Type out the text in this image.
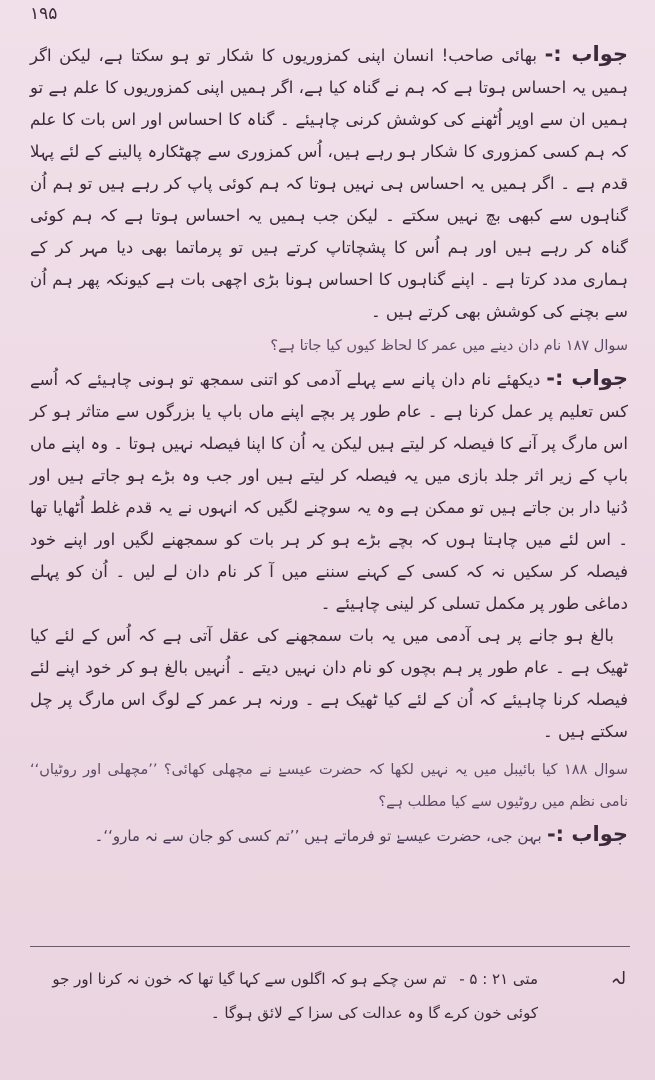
۱۹۵

جواب :- بھائی صاحب! انسان اپنی کمزوریوں کا شکار تو ہو سکتا ہے، لیکن اگر ہمیں یہ احساس ہوتا ہے کہ ہم نے گناہ کیا ہے، اگر ہمیں اپنی کمزوریوں کا علم ہے تو ہمیں ان سے اوپر اُٹھنے کی کوشش کرنی چاہیئے ۔ گناہ کا احساس اور اس بات کا علم کہ ہم کسی کمزوری کا شکار ہو رہے ہیں، اُس کمزوری سے چھٹکارہ پالینے کے لئے پہلا قدم ہے ۔ اگر ہمیں یہ احساس ہی نہیں ہوتا کہ ہم کوئی پاپ کر رہے ہیں تو ہم اُن گناہوں سے کبھی بچ نہیں سکتے ۔ لیکن جب ہمیں یہ احساس ہوتا ہے کہ ہم کوئی گناہ کر رہے ہیں اور ہم اُس کا پشچاتاپ کرتے ہیں تو پرماتما بھی دیا مہر کر کے ہماری مدد کرتا ہے ۔ اپنے گناہوں کا احساس ہونا بڑی اچھی بات ہے کیونکہ پھر ہم اُن سے بچنے کی کوشش بھی کرتے ہیں ۔

سوال ۱۸۷ نام دان دینے میں عمر کا لحاظ کیوں کیا جاتا ہے؟

جواب :- دیکھئے نام دان پانے سے پہلے آدمی کو اتنی سمجھ تو ہونی چاہیئے کہ اُسے کس تعلیم پر عمل کرنا ہے ۔ عام طور پر بچے اپنے ماں باپ یا بزرگوں سے متاثر ہو کر اس مارگ پر آنے کا فیصلہ کر لیتے ہیں لیکن یہ اُن کا اپنا فیصلہ نہیں ہوتا ۔ وہ اپنے ماں باپ کے زیر اثر جلد بازی میں یہ فیصلہ کر لیتے ہیں اور جب وہ بڑے ہو جاتے ہیں اور دُنیا دار بن جاتے ہیں تو ممکن ہے وہ یہ سوچنے لگیں کہ انہوں نے یہ قدم غلط اُٹھایا تھا ۔ اس لئے میں چاہتا ہوں کہ بچے بڑے ہو کر ہر بات کو سمجھنے لگیں اور اپنے خود فیصلہ کر سکیں نہ کہ کسی کے کہنے سننے میں آ کر نام دان لے لیں ۔ اُن کو پہلے دماغی طور پر مکمل تسلی کر لینی چاہیئے ۔

بالغ ہو جانے پر ہی آدمی میں یہ بات سمجھنے کی عقل آتی ہے کہ اُس کے لئے کیا ٹھیک ہے ۔ عام طور پر ہم بچوں کو نام دان نہیں دیتے ۔ اُنہیں بالغ ہو کر خود اپنے لئے فیصلہ کرنا چاہیئے کہ اُن کے لئے کیا ٹھیک ہے ۔ ورنہ ہر عمر کے لوگ اس مارگ پر چل سکتے ہیں ۔

سوال ۱۸۸ کیا بائیبل میں یہ نہیں لکھا کہ حضرت عیسےٰ نے مچھلی کھائی؟ ’’مچھلی اور روٹیاں‘‘ نامی نظم میں روٹیوں سے کیا مطلب ہے؟

جواب :- بہن جی، حضرت عیسےٰ تو فرماتے ہیں ’’تم کسی کو جان سے نہ مارو‘‘۔

لہ
متی ۲۱ : ۵ - تم سن چکے ہو کہ اگلوں سے کہا گیا تھا کہ خون نہ کرنا اور جو کوئی خون کرے گا وہ عدالت کی سزا کے لائق ہوگا ۔
